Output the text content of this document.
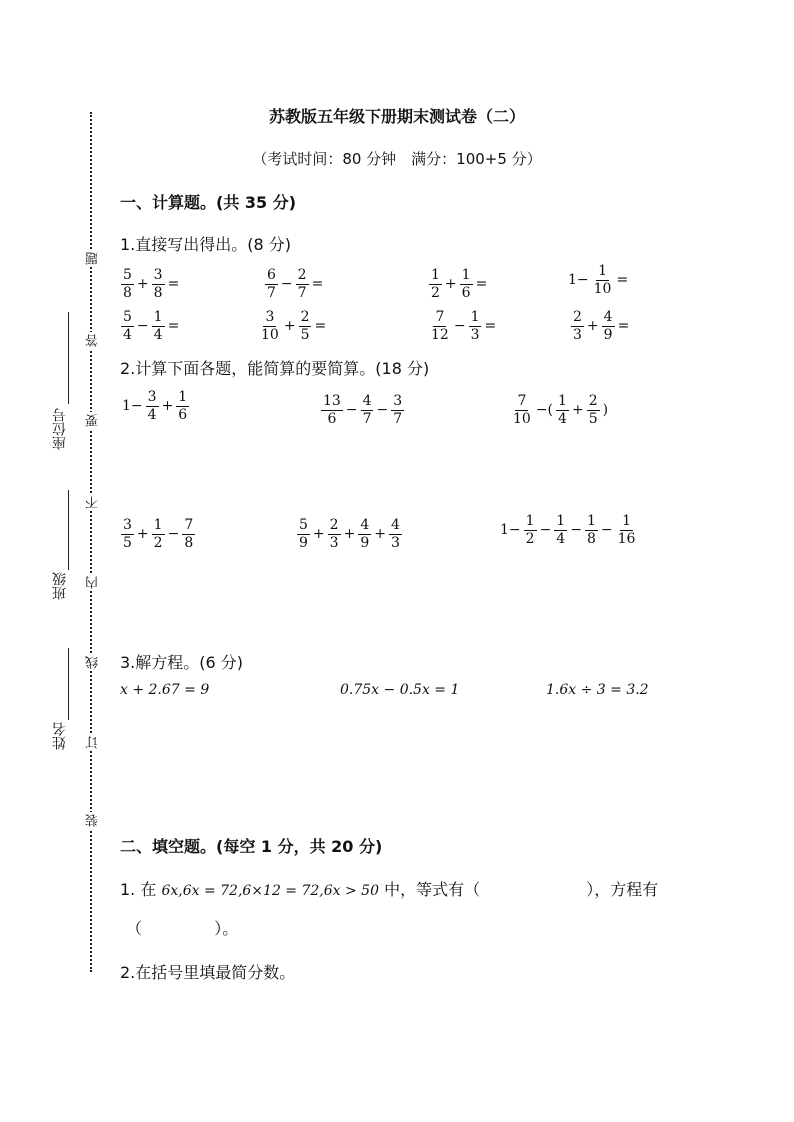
座位号
班级
姓名
题
答
要
不
内
线
订
装
苏教版五年级下册期末测试卷（二）
（考试时间：80 分钟　满分：100+5 分）
一、计算题。(共 35 分)
1.直接写出得出。(8 分)
$\frac{5}{8} + \frac{3}{8}$ =	$\frac{6}{7} - \frac{2}{7}$ =	$\frac{1}{2} + \frac{1}{6}$ =	$1- \frac{1}{10}$ =
$\frac{5}{4} - \frac{1}{4}$ =	$\frac{3}{10} + \frac{2}{5}$ =	$\frac{7}{12} - \frac{1}{3}$ =	$\frac{2}{3} + \frac{4}{9}$ =
2.计算下面各题，能简算的要简算。(18 分)
$1- \frac{3}{4} + \frac{1}{6}$	$\frac{13}{6} - \frac{4}{7} - \frac{3}{7}$	$\frac{7}{10}$ −( $\frac{1}{4} + \frac{2}{5}$ )
$\frac{3}{5} + \frac{1}{2} - \frac{7}{8}$	$\frac{5}{9} + \frac{2}{3} + \frac{4}{9} + \frac{4}{3}$	$1- \frac{1}{2} - \frac{1}{4} - \frac{1}{8} - \frac{1}{16}$
3.解方程。(6 分)
x + 2.67 = 9	0.75x − 0.5x = 1	1.6x ÷ 3 = 3.2
二、填空题。(每空 1 分，共 20 分)
1. 在 6x,6x = 72,6×12 = 72,6x > 50 中，等式有（	），方程有
（	）。
2.在括号里填最简分数。
